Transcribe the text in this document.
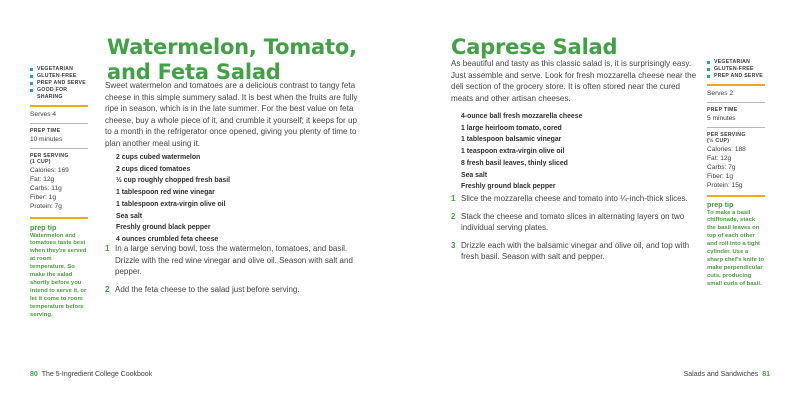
VEGETARIAN
GLUTEN-FREE
PREP AND SERVE
GOOD FOR SHARING
Serves 4
PREP TIME
10 minutes
PER SERVING
(1 CUP)
Calories: 169
Fat: 12g
Carbs: 11g
Fiber: 1g
Protein: 7g
prep tip
Watermelon and tomatoes taste best when they're served at room temperature. So make the salad shortly before you intend to serve it, or let it come to room temperature before serving.
Watermelon, Tomato,
and Feta Salad

Sweet watermelon and tomatoes are a delicious contrast to tangy feta cheese in this simple summery salad. It is best when the fruits are fully ripe in season, which is in the late summer. For the best value on feta cheese, buy a whole piece of it, and crumble it yourself; it keeps for up to a month in the refrigerator once opened, giving you plenty of time to plan another meal using it.

2 cups cubed watermelon
2 cups diced tomatoes
½ cup roughly chopped fresh basil
1 tablespoon red wine vinegar
1 tablespoon extra-virgin olive oil
Sea salt
Freshly ground black pepper
4 ounces crumbled feta cheese
1 In a large serving bowl, toss the watermelon, tomatoes, and basil. Drizzle with the red wine vinegar and olive oil. Season with salt and pepper.
2 Add the feta cheese to the salad just before serving.
80 The 5-Ingredient College Cookbook
Caprese Salad

As beautiful and tasty as this classic salad is, it is surprisingly easy. Just assemble and serve. Look for fresh mozzarella cheese near the deli section of the grocery store. It is often stored near the cured meats and other artisan cheeses.

4-ounce ball fresh mozzarella cheese
1 large heirloom tomato, cored
1 tablespoon balsamic vinegar
1 teaspoon extra-virgin olive oil
8 fresh basil leaves, thinly sliced
Sea salt
Freshly ground black pepper
1 Slice the mozzarella cheese and tomato into ¼-inch-thick slices.
2 Stack the cheese and tomato slices in alternating layers on two individual serving plates.
3 Drizzle each with the balsamic vinegar and olive oil, and top with fresh basil. Season with salt and pepper.
VEGETARIAN
GLUTEN-FREE
PREP AND SERVE
Serves 2
PREP TIME
5 minutes
PER SERVING
(½ CUP)
Calories: 188
Fat: 12g
Carbs: 7g
Fiber: 1g
Protein: 15g
prep tip
To make a basil chiffonade, stack the basil leaves on top of each other and roll into a tight cylinder. Use a sharp chef's knife to make perpendicular cuts, producing small curls of basil.
Salads and Sandwiches 81
